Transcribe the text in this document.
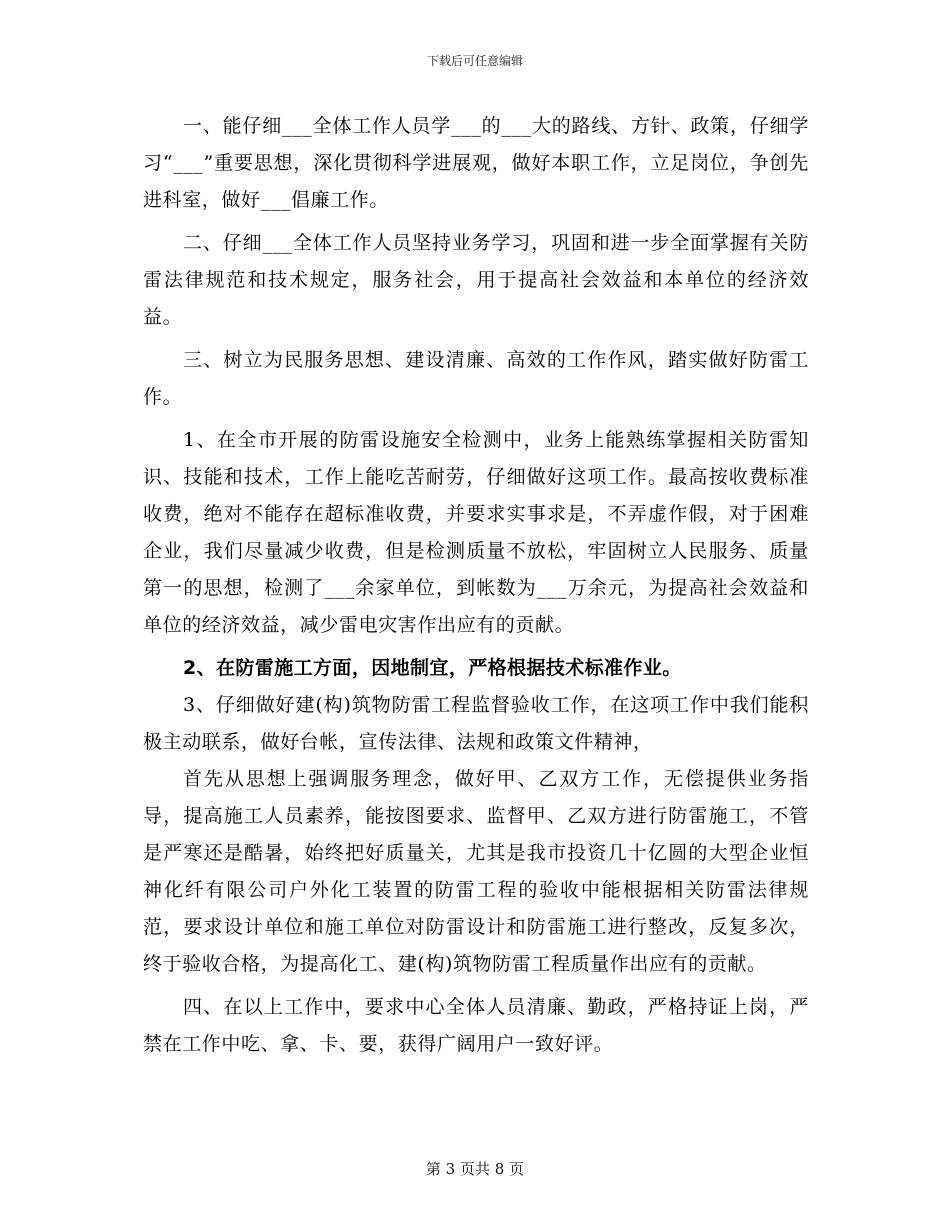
下载后可任意编辑

一、能仔细___全体工作人员学___的___大的路线、方针、政策，仔细学习“___”重要思想，深化贯彻科学进展观，做好本职工作，立足岗位，争创先进科室，做好___倡廉工作。

二、仔细___全体工作人员坚持业务学习，巩固和进一步全面掌握有关防雷法律规范和技术规定，服务社会，用于提高社会效益和本单位的经济效益。

三、树立为民服务思想、建设清廉、高效的工作作风，踏实做好防雷工作。

1、在全市开展的防雷设施安全检测中，业务上能熟练掌握相关防雷知识、技能和技术，工作上能吃苦耐劳，仔细做好这项工作。最高按收费标准收费，绝对不能存在超标准收费，并要求实事求是，不弄虚作假，对于困难企业，我们尽量减少收费，但是检测质量不放松，牢固树立人民服务、质量第一的思想，检测了___余家单位，到帐数为___万余元，为提高社会效益和单位的经济效益，减少雷电灾害作出应有的贡献。

2、在防雷施工方面，因地制宜，严格根据技术标准作业。

3、仔细做好建(构)筑物防雷工程监督验收工作，在这项工作中我们能积极主动联系，做好台帐，宣传法律、法规和政策文件精神，

首先从思想上强调服务理念，做好甲、乙双方工作，无偿提供业务指导，提高施工人员素养，能按图要求、监督甲、乙双方进行防雷施工，不管是严寒还是酷暑，始终把好质量关，尤其是我市投资几十亿圆的大型企业恒神化纤有限公司户外化工装置的防雷工程的验收中能根据相关防雷法律规范，要求设计单位和施工单位对防雷设计和防雷施工进行整改，反复多次，终于验收合格，为提高化工、建(构)筑物防雷工程质量作出应有的贡献。

四、在以上工作中，要求中心全体人员清廉、勤政，严格持证上岗，严禁在工作中吃、拿、卡、要，获得广阔用户一致好评。

第 3 页共 8 页
